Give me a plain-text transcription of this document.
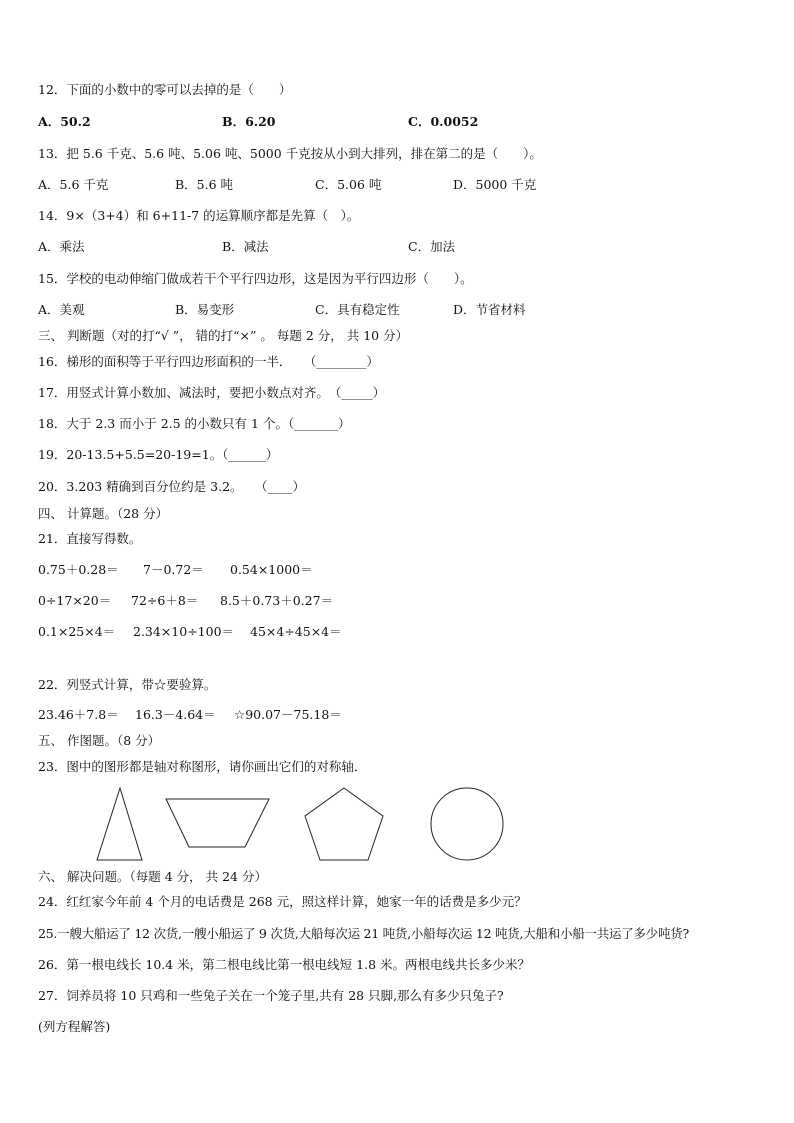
12．下面的小数中的零可以去掉的是（　　）
A．50.2	B．6.20	C．0.0052
13．把 5.6 千克、5.6 吨、5.06 吨、5000 千克按从小到大排列，排在第二的是（　　）。
A．5.6 千克	B．5.6 吨	C．5.06 吨	D．5000 千克
14．9×（3+4）和 6+11-7 的运算顺序都是先算（　）。
A．乘法	B．减法	C．加法
15．学校的电动伸缩门做成若干个平行四边形，这是因为平行四边形（　　）。
A．美观	B．易变形	C．具有稳定性	D．节省材料
三、 判断题（对的打“√ ”， 错的打“×” 。 每题 2 分， 共 10 分）
16．梯形的面积等于平行四边形面积的一半．　　（________）
17．用竖式计算小数加、减法时，要把小数点对齐。　（_____）
18．大于 2.3 而小于 2.5 的小数只有 1 个。（_______）
19．20-13.5+5.5=20-19=1。（______）
20．3.203 精确到百分位约是 3.2。　　（____）
四、 计算题。（28 分）
21．直接写得数。
0.75＋0.28＝ 7－0.72＝ 0.54×1000＝
0÷17×20＝ 72÷6＋8＝ 8.5＋0.73＋0.27＝
0.1×25×4＝ 2.34×10÷100＝ 45×4÷45×4＝
22．列竖式计算，带☆要验算。
23.46＋7.8＝ 16.3－4.64＝ ☆90.07－75.18＝
五、 作图题。（8 分）
23．图中的图形都是轴对称图形，请你画出它们的对称轴．
六、 解决问题。（每题 4 分， 共 24 分）
24．红红家今年前 4 个月的电话费是 268 元，照这样计算，她家一年的话费是多少元？
25.一艘大船运了 12 次货,一艘小船运了 9 次货,大船每次运 21 吨货,小船每次运 12 吨货,大船和小船一共运了多少吨货?
26．第一根电线长 10.4 米，第二根电线比第一根电线短 1.8 米。两根电线共长多少米？
27．饲养员将 10 只鸡和一些兔子关在一个笼子里,共有 28 只脚,那么有多少只兔子?
(列方程解答)
